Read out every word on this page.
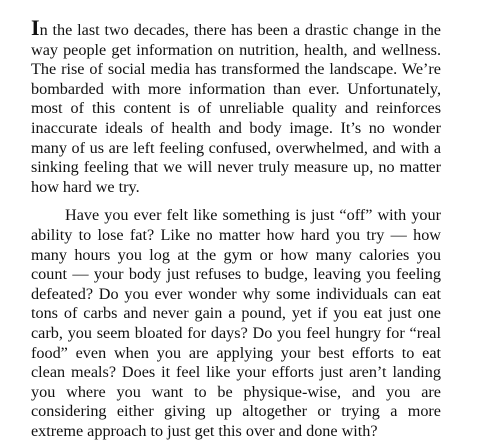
In the last two decades, there has been a drastic change in the way people get information on nutrition, health, and wellness. The rise of social media has transformed the landscape. We’re bombarded with more information than ever. Unfortunately, most of this content is of unreliable quality and reinforces inaccurate ideals of health and body image. It’s no wonder many of us are left feeling confused, overwhelmed, and with a sinking feeling that we will never truly measure up, no matter how hard we try.

Have you ever felt like something is just “off” with your ability to lose fat? Like no matter how hard you try — how many hours you log at the gym or how many calories you count — your body just refuses to budge, leaving you feeling defeated? Do you ever wonder why some individuals can eat tons of carbs and never gain a pound, yet if you eat just one carb, you seem bloated for days? Do you feel hungry for “real food” even when you are applying your best efforts to eat clean meals? Does it feel like your efforts just aren’t landing you where you want to be physique-wise, and you are considering either giving up altogether or trying a more extreme approach to just get this over and done with?
